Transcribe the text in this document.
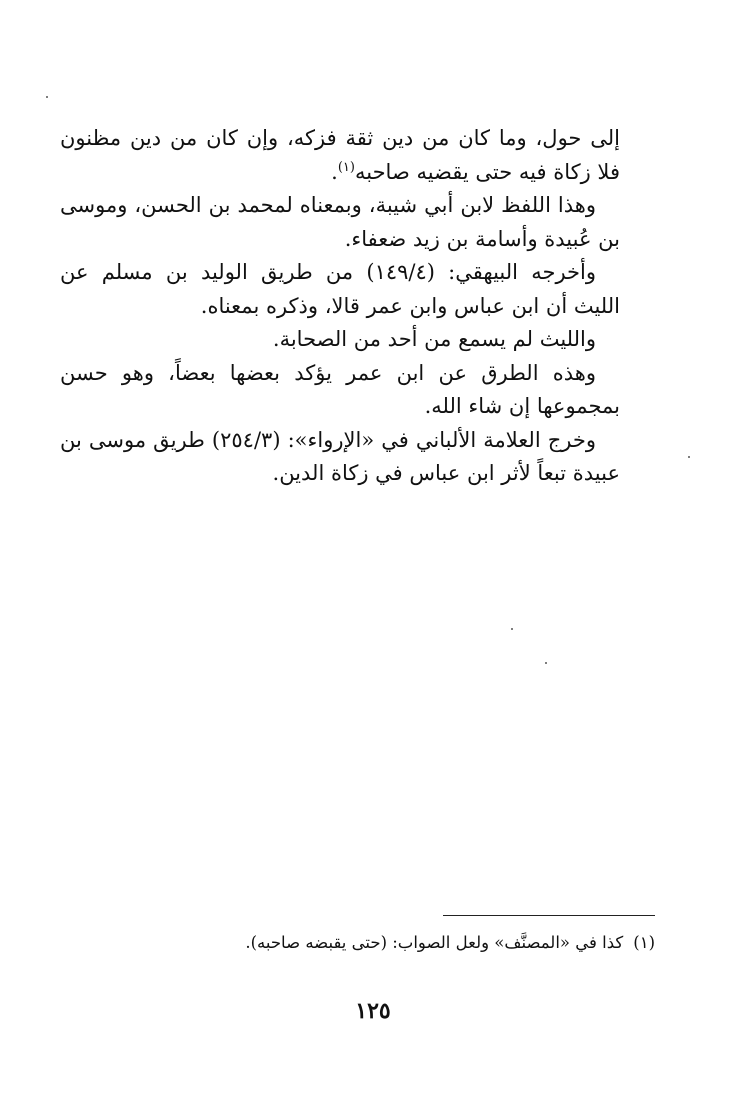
إلى حول، وما كان من دين ثقة فزكه، وإن كان من دين مظنون فلا زكاة فيه حتى يقضيه صاحبه$^{(١)}$.

وهذا اللفظ لابن أبي شيبة، وبمعناه لمحمد بن الحسن، وموسى بن عُبيدة وأسامة بن زيد ضعفاء.

وأخرجه البيهقي: (١٤٩/٤) من طريق الوليد بن مسلم عن الليث أن ابن عباس وابن عمر قالا، وذكره بمعناه.

والليث لم يسمع من أحد من الصحابة.

وهذه الطرق عن ابن عمر يؤكد بعضها بعضاً، وهو حسن بمجموعها إن شاء الله.

وخرج العلامة الألباني في «الإرواء»: (٢٥٤/٣) طريق موسى بن عبيدة تبعاً لأثر ابن عباس في زكاة الدين.

(١)كذا في «المصنَّف» ولعل الصواب: (حتى يقبضه صاحبه).
١٢٥
